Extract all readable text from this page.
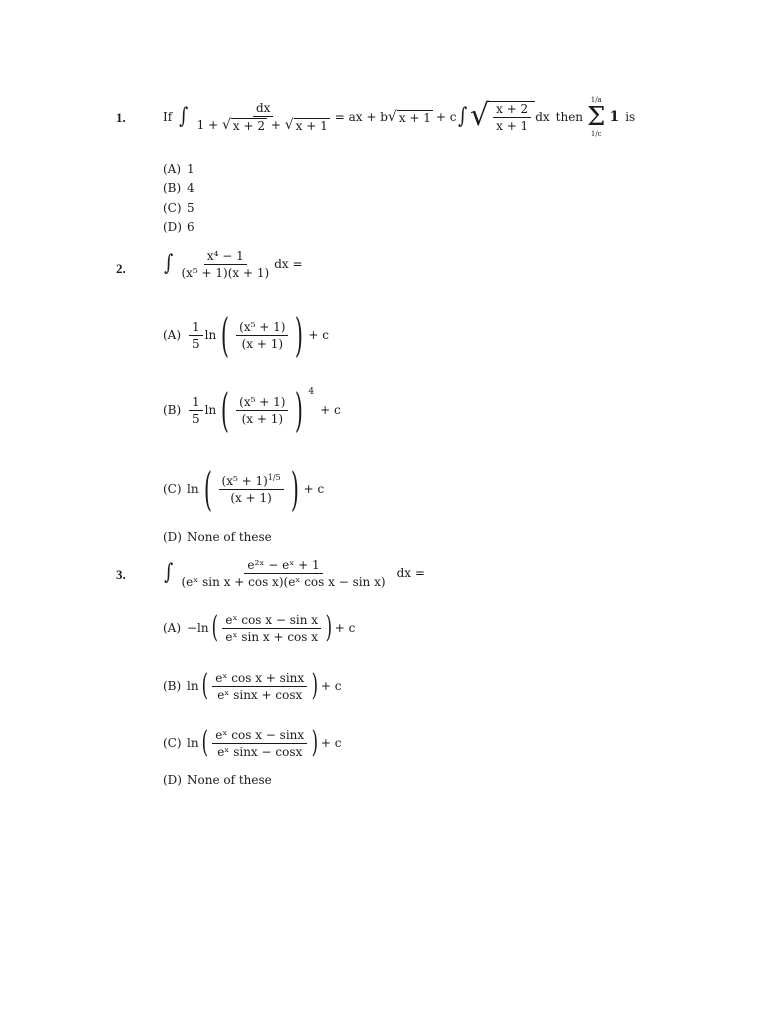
1.	If ∫ $\frac{dx}{1 + √ x + 2 + √ x + 1}$ = ax + b √ x + 1 + c ∫ √ $\frac{x + 2}{x + 1}$ dx then
1/a
Σ
1/c
1 is
(A) 1
(B) 4
(C) 5
(D) 6
2. ∫ $\frac{\text{x⁴ − 1}}{\text{(x⁵ + 1)(x + 1)}}$ dx =
$(A) \frac{1}{5}$ ln ( $\frac{\text{(x⁵ + 1)}}{(x + 1)}$ ) + c
$(B) \frac{1}{5}$ ln ( $\frac{\text{(x⁵ + 1)}}{(x + 1)}$ ) 4
+ c
(C) ln ( $\frac{(x^5 + 1)^{1/5}}{(x + 1)}$ ) + c
(D) None of these
3. ∫ $\frac{\text{e²ˣ − eˣ + 1}}{\text{(eˣ sin x + cos x)(eˣ cos x − sin x)}}$ dx =
(A) −ln ( $\frac{\text{eˣ cos x − sin x}}{\text{eˣ sin x + cos x}}$ ) + c
(B) ln ( $\frac{\text{eˣ cos x + sinx}}{\text{eˣ sinx + cosx}}$ ) + c
(C) ln ( $\frac{\text{eˣ cos x − sinx}}{\text{eˣ sinx − cosx}}$ ) + c
(D) None of these
